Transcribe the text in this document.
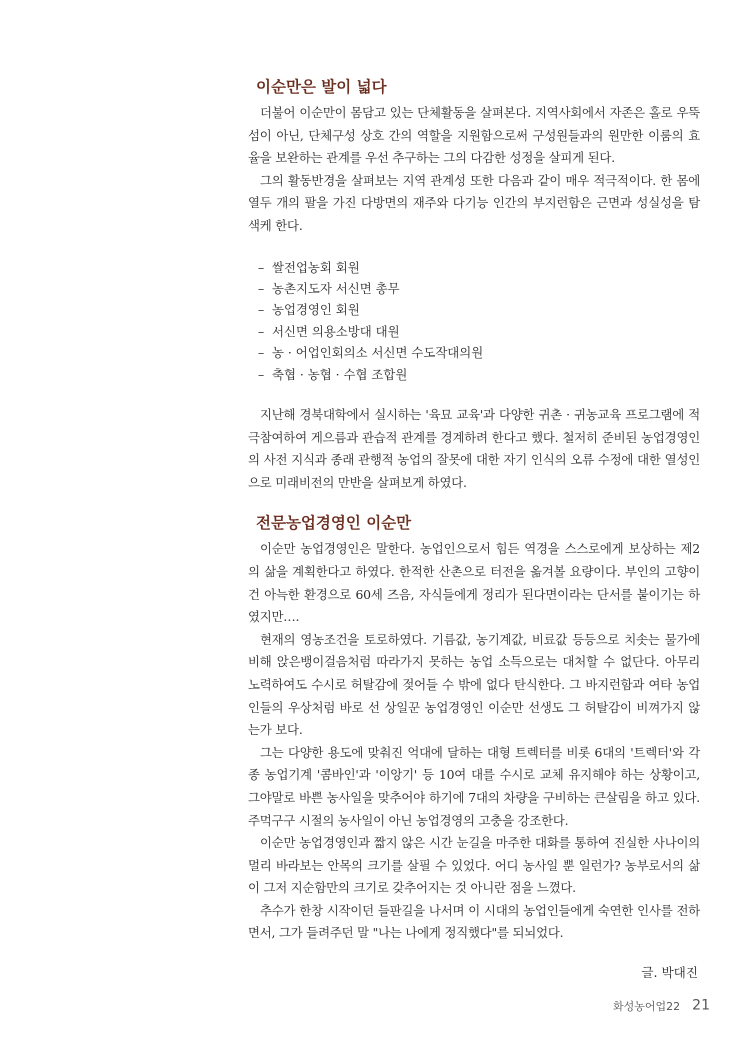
이순만은 발이 넓다

더불어 이순만이 몸담고 있는 단체활동을 살펴본다. 지역사회에서 자존은 홀로 우뚝섬이 아닌, 단체구성 상호 간의 역할을 지원함으로써 구성원들과의 원만한 이룸의 효율을 보완하는 관계를 우선 추구하는 그의 다감한 성정을 살피게 된다.

그의 활동반경을 살펴보는 지역 관계성 또한 다음과 같이 매우 적극적이다. 한 몸에 열두 개의 팔을 가진 다방면의 재주와 다기능 인간의 부지런함은 근면과 성실성을 탐색케 한다.

– 쌀전업농회 회원
– 농촌지도자 서신면 총무
– 농업경영인 회원
– 서신면 의용소방대 대원
– 농 · 어업인회의소 서신면 수도작대의원
– 축협 · 농협 · 수협 조합원

지난해 경북대학에서 실시하는 '육묘 교육'과 다양한 귀촌 · 귀농교육 프로그램에 적극참여하여 게으름과 관습적 관계를 경계하려 한다고 했다. 철저히 준비된 농업경영인의 사전 지식과 종래 관행적 농업의 잘못에 대한 자기 인식의 오류 수정에 대한 열성인으로 미래비전의 만반을 살펴보게 하였다.

전문농업경영인 이순만

이순만 농업경영인은 말한다. 농업인으로서 힘든 역경을 스스로에게 보상하는 제2의 삶을 계획한다고 하였다. 한적한 산촌으로 터전을 옮겨볼 요량이다. 부인의 고향이건 아늑한 환경으로 60세 즈음, 자식들에게 정리가 된다면이라는 단서를 붙이기는 하였지만….

현재의 영농조건을 토로하였다. 기름값, 농기계값, 비료값 등등으로 치솟는 물가에 비해 앉은뱅이걸음처럼 따라가지 못하는 농업 소득으로는 대처할 수 없단다. 아무리 노력하여도 수시로 허탈감에 젖어들 수 밖에 없다 탄식한다. 그 바지런함과 여타 농업인들의 우상처럼 바로 선 상일꾼 농업경영인 이순만 선생도 그 허탈감이 비껴가지 않는가 보다.

그는 다양한 용도에 맞춰진 억대에 달하는 대형 트렉터를 비롯 6대의 '트렉터'와 각종 농업기계 '콤바인'과 '이앙기' 등 10여 대를 수시로 교체 유지해야 하는 상황이고, 그야말로 바쁜 농사일을 맞추어야 하기에 7대의 차량을 구비하는 큰살림을 하고 있다. 주먹구구 시절의 농사일이 아닌 농업경영의 고충을 강조한다.

이순만 농업경영인과 짧지 않은 시간 눈길을 마주한 대화를 통하여 진실한 사나이의 멀리 바라보는 안목의 크기를 살필 수 있었다. 어디 농사일 뿐 일런가? 농부로서의 삶이 그저 지순함만의 크기로 갖추어지는 것 아니란 점을 느꼈다.

추수가 한창 시작이던 들판길을 나서며 이 시대의 농업인들에게 숙연한 인사를 전하면서, 그가 들려주던 말 "나는 나에게 정직했다"를 되뇌었다.

글. 박대진
화성농어업22 21
